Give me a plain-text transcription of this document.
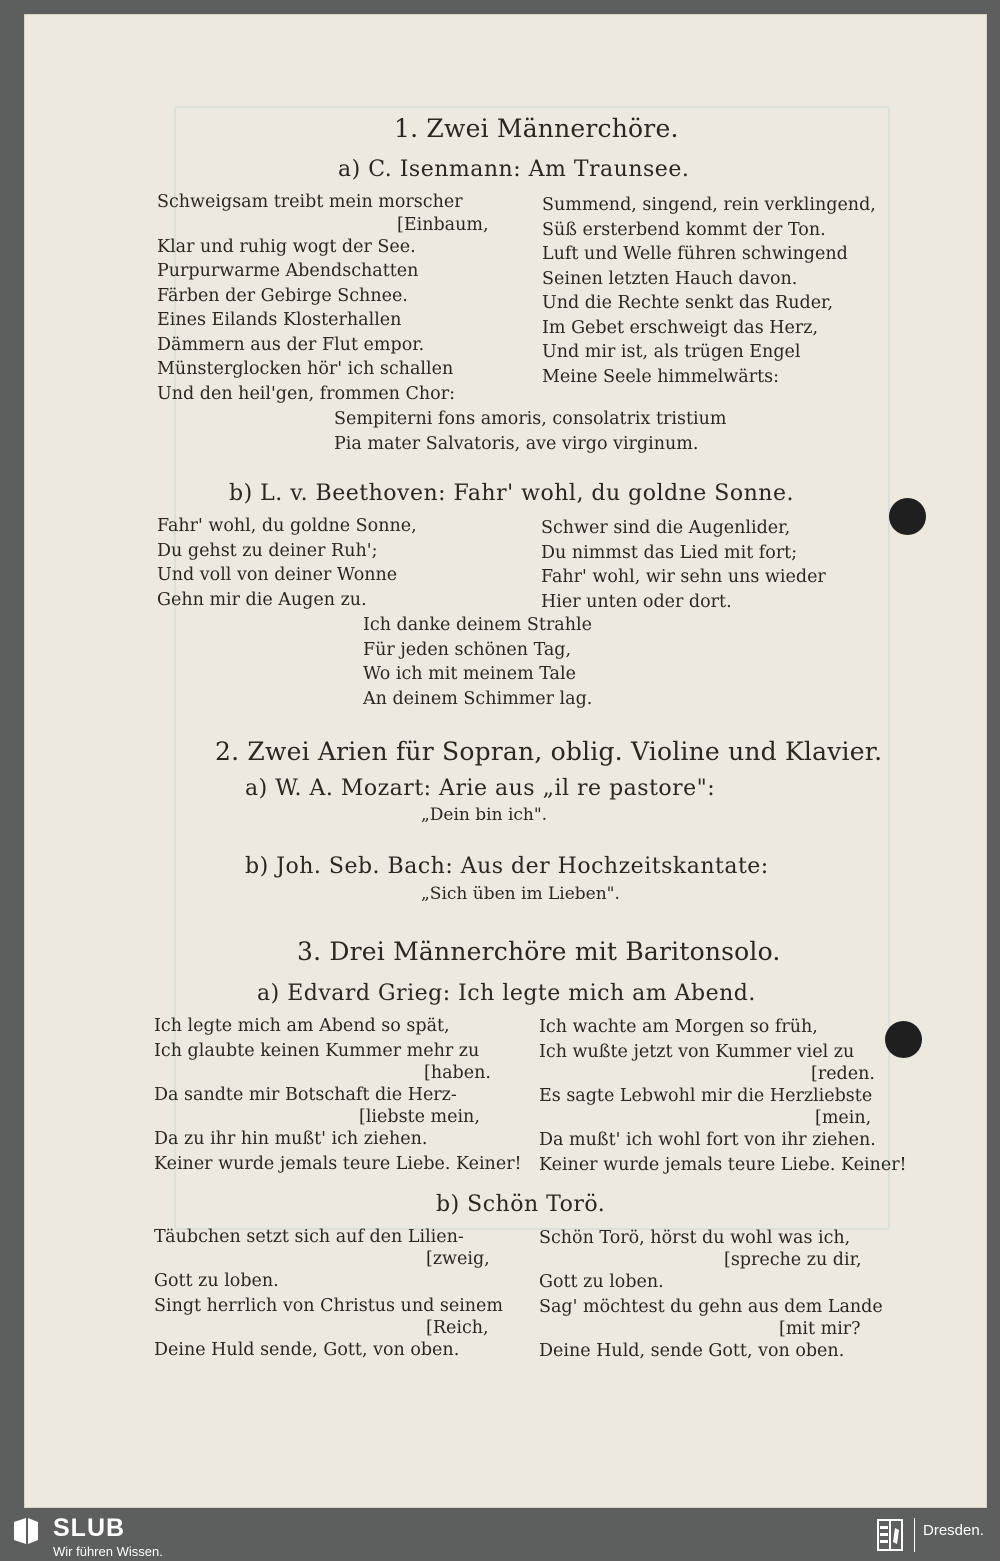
1. Zwei Männerchöre.
a) C. Isenmann: Am Traunsee.
Schweigsam treibt mein morscher
[Einbaum,
Klar und ruhig wogt der See.
Purpurwarme Abendschatten
Färben der Gebirge Schnee.
Eines Eilands Klosterhallen
Dämmern aus der Flut empor.
Münsterglocken hör' ich schallen
Und den heil'gen, frommen Chor:
Summend, singend, rein verklingend,
Süß ersterbend kommt der Ton.
Luft und Welle führen schwingend
Seinen letzten Hauch davon.
Und die Rechte senkt das Ruder,
Im Gebet erschweigt das Herz,
Und mir ist, als trügen Engel
Meine Seele himmelwärts:
Sempiterni fons amoris, consolatrix tristium
Pia mater Salvatoris, ave virgo virginum.
b) L. v. Beethoven: Fahr' wohl, du goldne Sonne.
Fahr' wohl, du goldne Sonne,
Du gehst zu deiner Ruh';
Und voll von deiner Wonne
Gehn mir die Augen zu.
Schwer sind die Augenlider,
Du nimmst das Lied mit fort;
Fahr' wohl, wir sehn uns wieder
Hier unten oder dort.
Ich danke deinem Strahle
Für jeden schönen Tag,
Wo ich mit meinem Tale
An deinem Schimmer lag.
2. Zwei Arien für Sopran, oblig. Violine und Klavier.
a) W. A. Mozart: Arie aus „il re pastore":
„Dein bin ich".
b) Joh. Seb. Bach: Aus der Hochzeitskantate:
„Sich üben im Lieben".
3. Drei Männerchöre mit Baritonsolo.
a) Edvard Grieg: Ich legte mich am Abend.
Ich legte mich am Abend so spät,
Ich glaubte keinen Kummer mehr zu
[haben.
Da sandte mir Botschaft die Herz-
[liebste mein,
Da zu ihr hin mußt' ich ziehen.
Keiner wurde jemals teure Liebe. Keiner!
Ich wachte am Morgen so früh,
Ich wußte jetzt von Kummer viel zu
[reden.
Es sagte Lebwohl mir die Herzliebste
[mein,
Da mußt' ich wohl fort von ihr ziehen.
Keiner wurde jemals teure Liebe. Keiner!
b) Schön Torö.
Täubchen setzt sich auf den Lilien-
[zweig,
Gott zu loben.
Singt herrlich von Christus und seinem
[Reich,
Deine Huld sende, Gott, von oben.
Schön Torö, hörst du wohl was ich,
[spreche zu dir,
Gott zu loben.
Sag' möchtest du gehn aus dem Lande
[mit mir?
Deine Huld, sende Gott, von oben.
SLUB
Wir führen Wissen.
Dresden.
